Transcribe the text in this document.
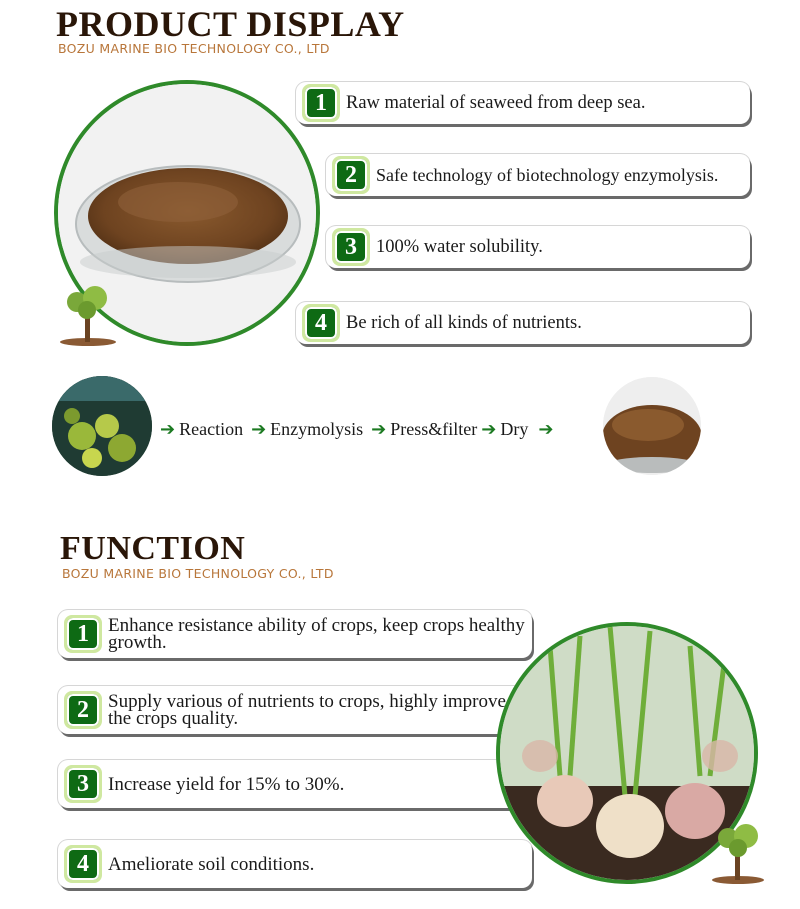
PRODUCT DISPLAY
BOZU MARINE BIO TECHNOLOGY CO., LTD
1	Raw material of seaweed from deep sea.
2	Safe technology of biotechnology enzymolysis.
3	100% water solubility.
4	Be rich of all kinds of nutrients.
➔ Reaction ➔ Enzymolysis ➔ Press&filter ➔ Dry ➔
FUNCTION
BOZU MARINE BIO TECHNOLOGY CO., LTD
1	Enhance resistance ability of crops, keep crops healthy growth.
2	Supply various of nutrients to crops, highly improve the crops quality.
3	Increase yield for 15% to 30%.
4	Ameliorate soil conditions.
